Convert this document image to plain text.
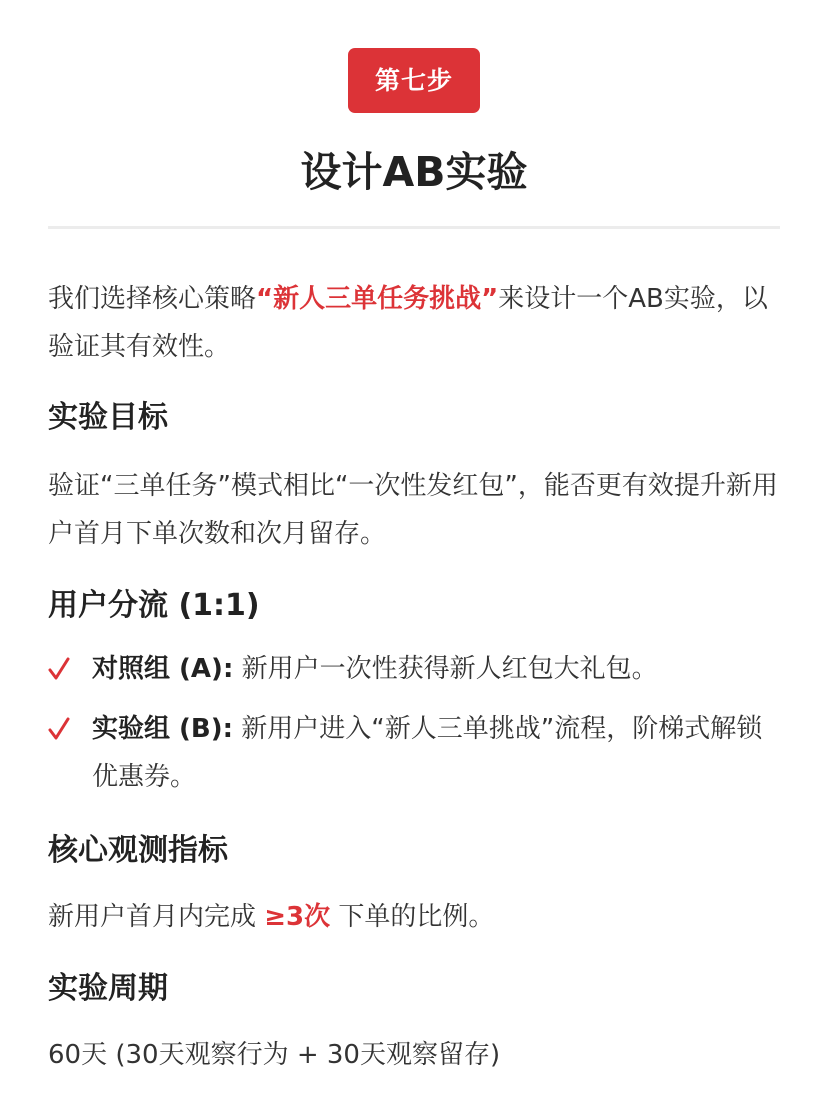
第七步
设计AB实验

我们选择核心策略“新人三单任务挑战”来设计一个AB实验，以验证其有效性。

实验目标

验证“三单任务”模式相比“一次性发红包”，能否更有效提升新用户首月下单次数和次月留存。

用户分流 (1:1)
对照组 (A): 新用户一次性获得新人红包大礼包。
实验组 (B): 新用户进入“新人三单挑战”流程，阶梯式解锁优惠券。
核心观测指标

新用户首月内完成 ≥3次 下单的比例。

实验周期

60天 (30天观察行为 + 30天观察留存)
